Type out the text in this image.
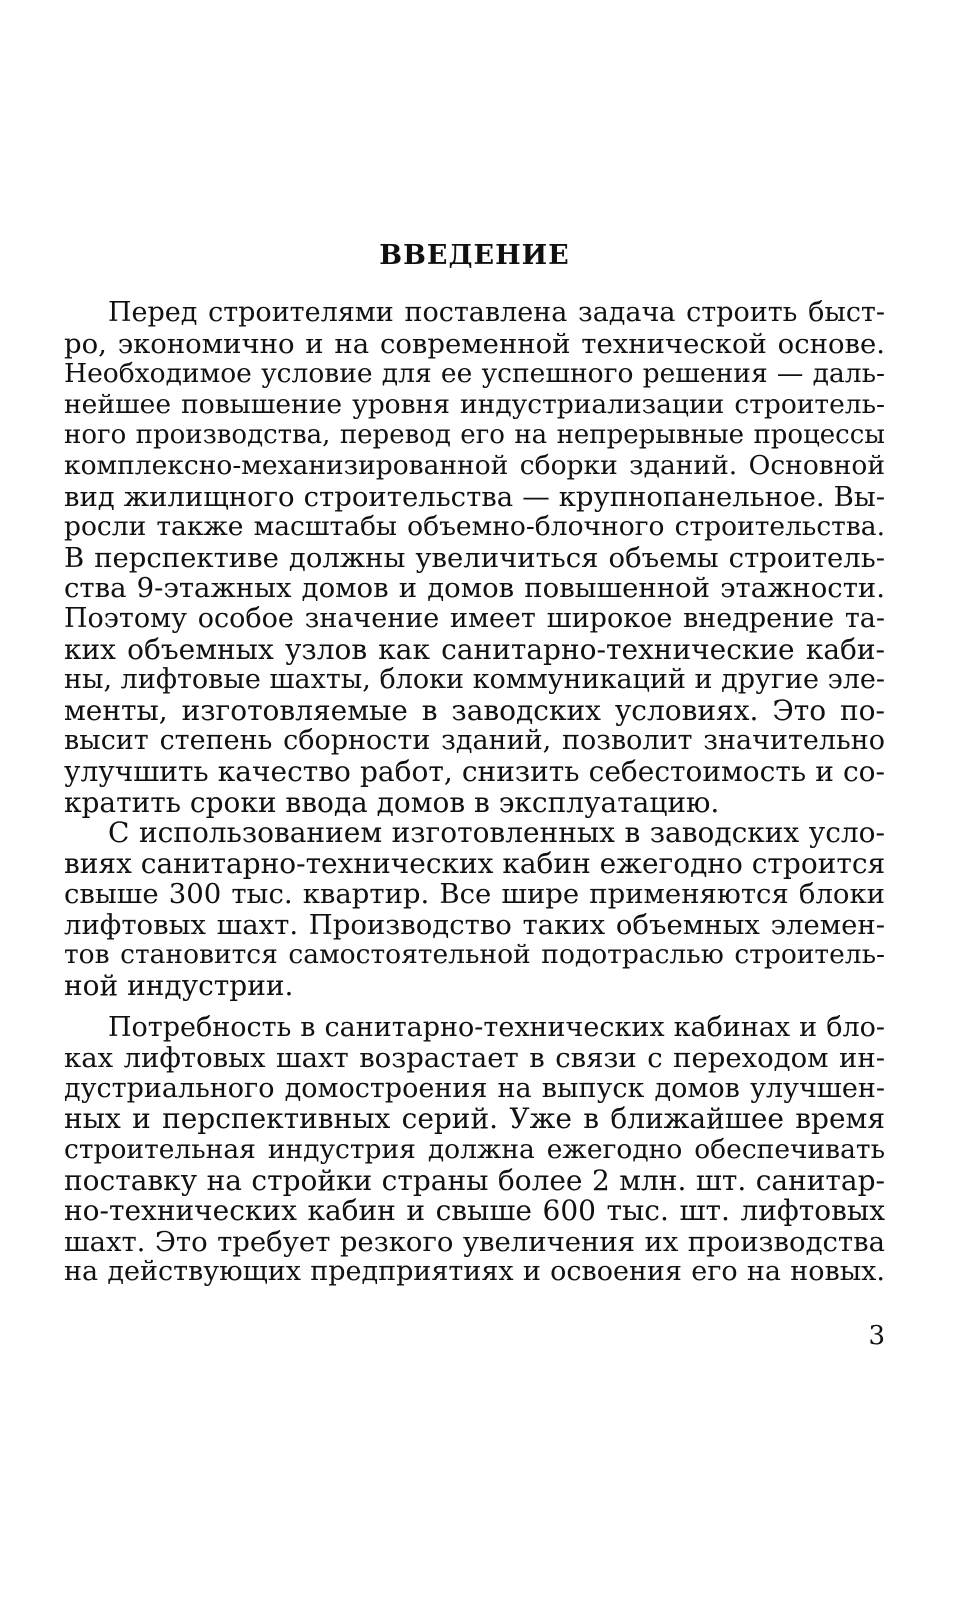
ВВЕДЕНИЕ
Перед строителями поставлена задача строить быст-
ро, экономично и на современной технической основе.
Необходимое условие для ее успешного решения — даль-
нейшее повышение уровня индустриализации строитель-
ного производства, перевод его на непрерывные процессы
комплексно-механизированной сборки зданий. Основной
вид жилищного строительства — крупнопанельное. Вы-
росли также масштабы объемно-блочного строительства.
В перспективе должны увеличиться объемы строитель-
ства 9-этажных домов и домов повышенной этажности.
Поэтому особое значение имеет широкое внедрение та-
ких объемных узлов как санитарно-технические каби-
ны, лифтовые шахты, блоки коммуникаций и другие эле-
менты, изготовляемые в заводских условиях. Это по-
высит степень сборности зданий, позволит значительно
улучшить качество работ, снизить себестоимость и со-
кратить сроки ввода домов в эксплуатацию.
С использованием изготовленных в заводских усло-
виях санитарно-технических кабин ежегодно строится
свыше 300 тыс. квартир. Все шире применяются блоки
лифтовых шахт. Производство таких объемных элемен-
тов становится самостоятельной подотраслью строитель-
ной индустрии.
Потребность в санитарно-технических кабинах и бло-
ках лифтовых шахт возрастает в связи с переходом ин-
дустриального домостроения на выпуск домов улучшен-
ных и перспективных серий. Уже в ближайшее время
строительная индустрия должна ежегодно обеспечивать
поставку на стройки страны более 2 млн. шт. санитар-
но-технических кабин и свыше 600 тыс. шт. лифтовых
шахт. Это требует резкого увеличения их производства
на действующих предприятиях и освоения его на новых.
3
